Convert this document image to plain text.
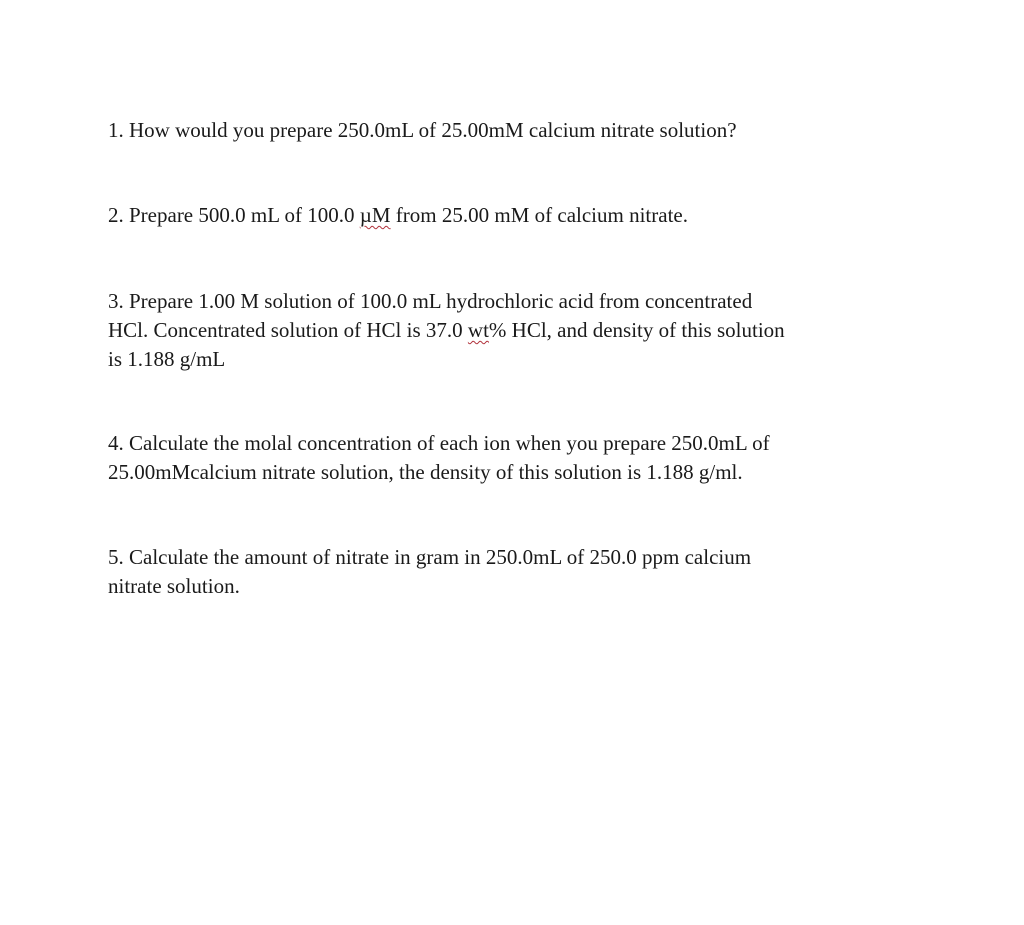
1. How would you prepare 250.0mL of 25.00mM calcium nitrate solution?

2. Prepare 500.0 mL of 100.0 µM from 25.00 mM of calcium nitrate.

3. Prepare 1.00 M solution of 100.0 mL hydrochloric acid from concentrated
HCl. Concentrated solution of HCl is 37.0 wt% HCl, and density of this solution
is 1.188 g/mL

4. Calculate the molal concentration of each ion when you prepare 250.0mL of
25.00mMcalcium nitrate solution, the density of this solution is 1.188 g/ml.

5. Calculate the amount of nitrate in gram in 250.0mL of 250.0 ppm calcium
nitrate solution.
